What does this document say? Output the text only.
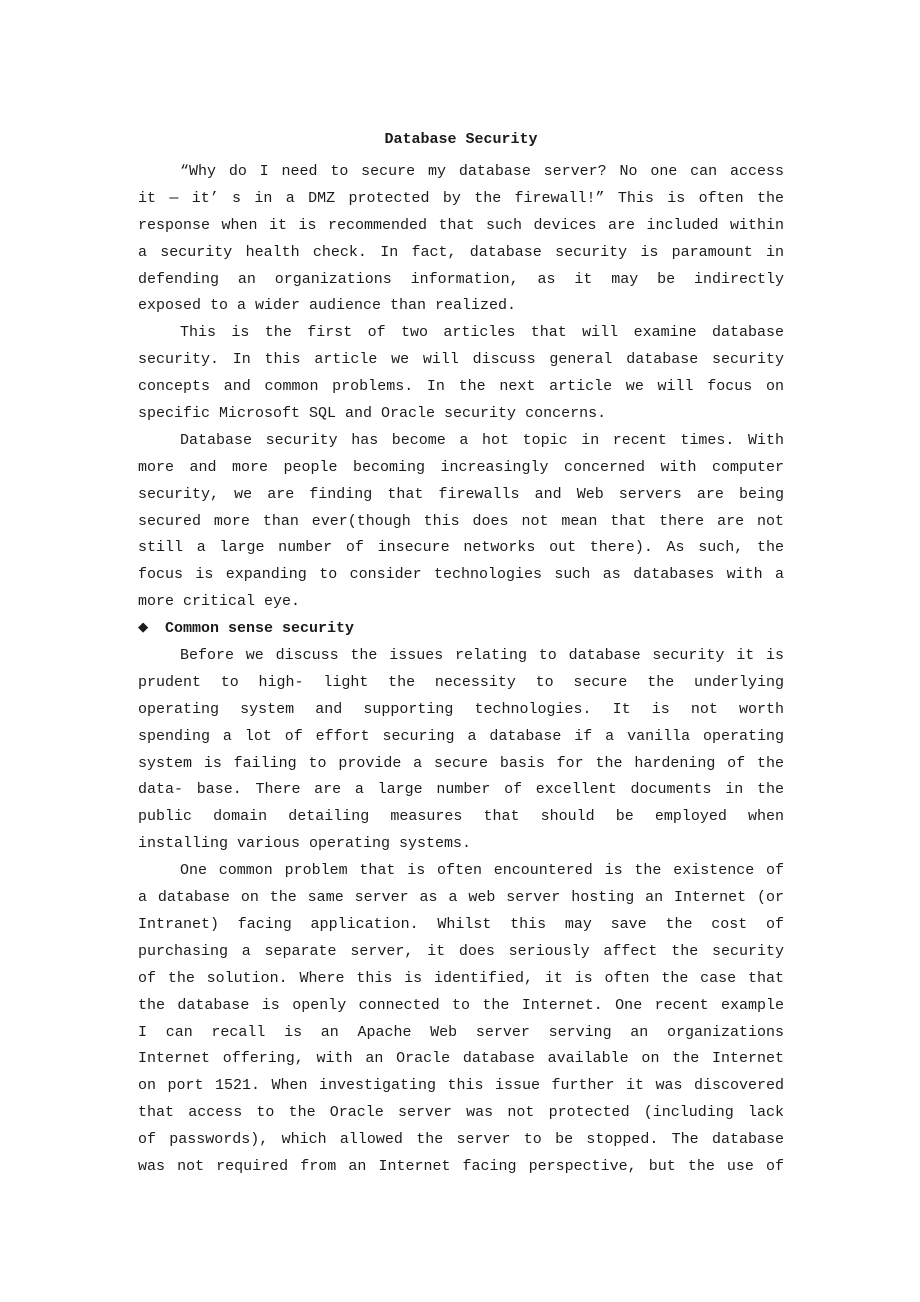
Database Security
“Why do I need to secure my database server? No one can access
it — it’ s in a DMZ protected by the firewall!” This is often the
response when it is recommended that such devices are included within
a security health check. In fact, database security is paramount in
defending an organizations information, as it may be indirectly
exposed to a wider audience than realized.
This is the first of two articles that will examine database
security. In this article we will discuss general database security
concepts and common problems. In the next article we will focus on
specific Microsoft SQL and Oracle security concerns.
Database security has become a hot topic in recent times. With
more and more people becoming increasingly concerned with computer
security, we are finding that firewalls and Web servers are being
secured more than ever(though this does not mean that there are not
still a large number of insecure networks out there). As such, the
focus is expanding to consider technologies such as databases with a
more critical eye.
◆ Common sense security
Before we discuss the issues relating to database security it is
prudent to high- light the necessity to secure the underlying
operating system and supporting technologies. It is not worth
spending a lot of effort securing a database if a vanilla operating
system is failing to provide a secure basis for the hardening of the
data- base. There are a large number of excellent documents in the
public domain detailing measures that should be employed when
installing various operating systems.
One common problem that is often encountered is the existence of
a database on the same server as a web server hosting an Internet (or
Intranet) facing application. Whilst this may save the cost of
purchasing a separate server, it does seriously affect the security
of the solution. Where this is identified, it is often the case that
the database is openly connected to the Internet. One recent example
I can recall is an Apache Web server serving an organizations
Internet offering, with an Oracle database available on the Internet
on port 1521. When investigating this issue further it was discovered
that access to the Oracle server was not protected (including lack
of passwords), which allowed the server to be stopped. The database
was not required from an Internet facing perspective, but the use of
